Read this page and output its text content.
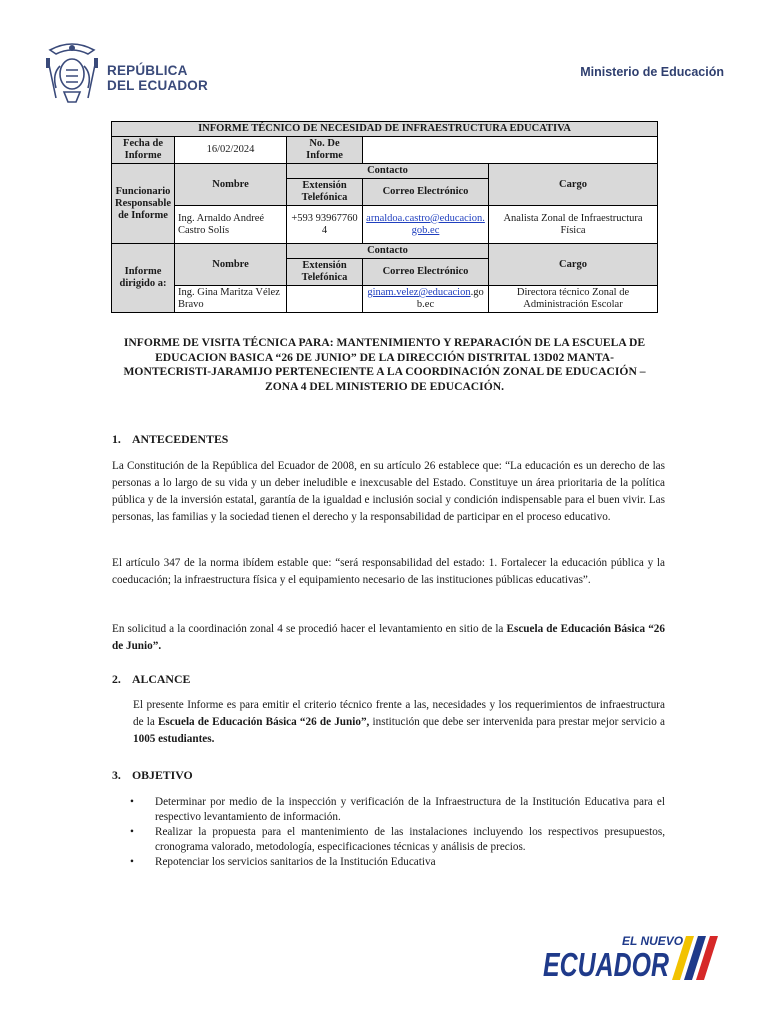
REPÚBLICA
DEL ECUADOR
Ministerio de Educación
INFORME TÉCNICO DE NECESIDAD DE INFRAESTRUCTURA EDUCATIVA				
Fecha de Informe	16/02/2024	No. De Informe		
Funcionario Responsable de Informe	Nombre	Contacto		Cargo
		Extensión Telefónica	Correo Electrónico	
	Ing. Arnaldo Andreé Castro Solís	+593 939677604	arnaldoa.castro@educacion.gob.ec	Analista Zonal de Infraestructura Física
Informe dirigido a:	Nombre	Contacto		Cargo
		Extensión Telefónica	Correo Electrónico	
	Ing. Gina Maritza Vélez Bravo		ginam.velez@educacion.gob.ec	Directora técnico Zonal de Administración Escolar
INFORME DE VISITA TÉCNICA PARA: MANTENIMIENTO Y REPARACIÓN DE LA ESCUELA DE EDUCACION BASICA “26 DE JUNIO” DE LA DIRECCIÓN DISTRITAL 13D02 MANTA-MONTECRISTI-JARAMIJO PERTENECIENTE A LA COORDINACIÓN ZONAL DE EDUCACIÓN – ZONA 4 DEL MINISTERIO DE EDUCACIÓN.
1. ANTECEDENTES
La Constitución de la República del Ecuador de 2008, en su artículo 26 establece que: “La educación es un derecho de las personas a lo largo de su vida y un deber ineludible e inexcusable del Estado. Constituye un área prioritaria de la política pública y de la inversión estatal, garantía de la igualdad e inclusión social y condición indispensable para el buen vivir. Las personas, las familias y la sociedad tienen el derecho y la responsabilidad de participar en el proceso educativo.
El artículo 347 de la norma ibídem estable que: “será responsabilidad del estado: 1. Fortalecer la educación pública y la coeducación; la infraestructura física y el equipamiento necesario de las instituciones públicas educativas”.
En solicitud a la coordinación zonal 4 se procedió hacer el levantamiento en sitio de la Escuela de Educación Básica “26 de Junio”.
2. ALCANCE
El presente Informe es para emitir el criterio técnico frente a las, necesidades y los requerimientos de infraestructura de la Escuela de Educación Básica “26 de Junio”, institución que debe ser intervenida para prestar mejor servicio a 1005 estudiantes.
3. OBJETIVO
• Determinar por medio de la inspección y verificación de la Infraestructura de la Institución Educativa para el respectivo levantamiento de información.
• Realizar la propuesta para el mantenimiento de las instalaciones incluyendo los respectivos presupuestos, cronograma valorado, metodología, especificaciones técnicas y análisis de precios.
• Repotenciar los servicios sanitarios de la Institución Educativa
EL NUEVO
ECUADOR
